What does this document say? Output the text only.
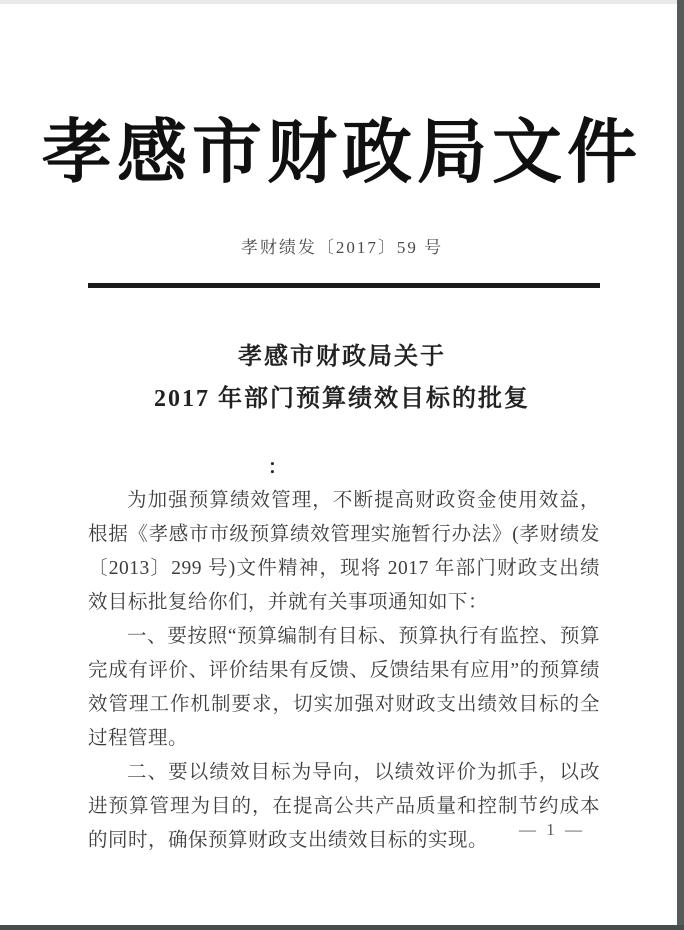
孝感市财政局文件
孝财绩发〔2017〕59 号
孝感市财政局关于
2017 年部门预算绩效目标的批复
：

为加强预算绩效管理，不断提高财政资金使用效益，根据《孝感市市级预算绩效管理实施暂行办法》(孝财绩发〔2013〕299 号)文件精神，现将 2017 年部门财政支出绩效目标批复给你们，并就有关事项通知如下：

一、要按照“预算编制有目标、预算执行有监控、预算完成有评价、评价结果有反馈、反馈结果有应用”的预算绩效管理工作机制要求，切实加强对财政支出绩效目标的全过程管理。

二、要以绩效目标为导向，以绩效评价为抓手，以改进预算管理为目的，在提高公共产品质量和控制节约成本的同时，确保预算财政支出绩效目标的实现。

— 1 —
